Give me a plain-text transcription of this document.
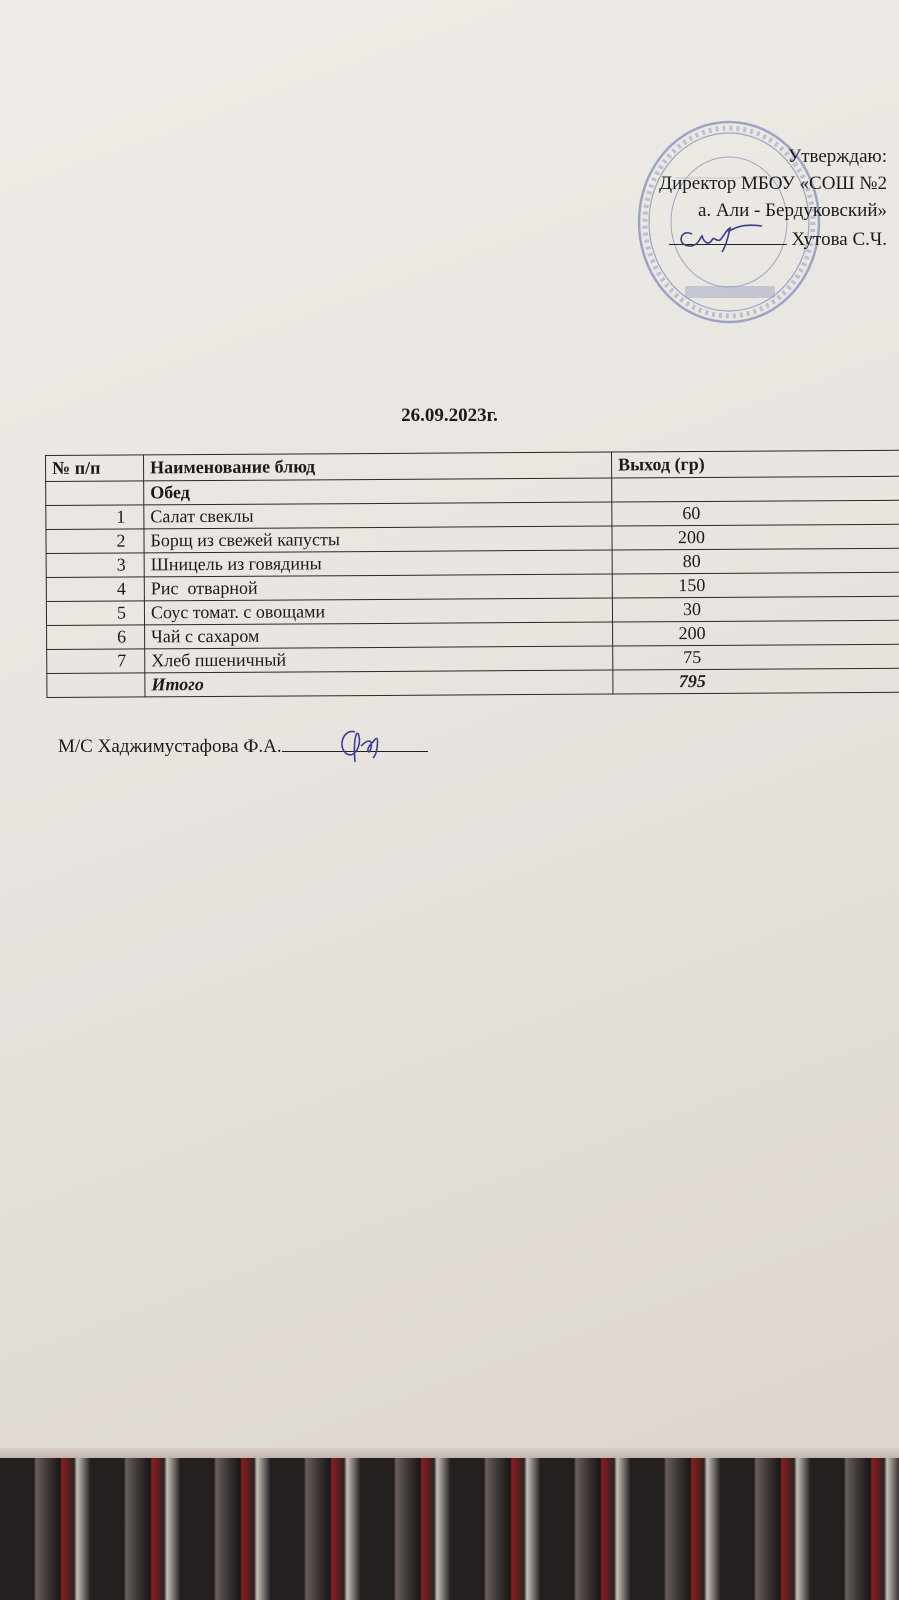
Утверждаю:
Директор МБОУ «СОШ №2
а. Али - Бердуковский»
Хутова С.Ч.
26.09.2023г.
№ п/п	Наименование блюд	Выход (гр)
	Обед	
1	Салат свеклы	60
2	Борщ из свежей капусты	200
3	Шницель из говядины	80
4	Рис  отварной	150
5	Соус томат. с овощами	30
6	Чай с сахаром	200
7	Хлеб пшеничный	75
	Итого	795
М/С Хаджимустафова Ф.А.
